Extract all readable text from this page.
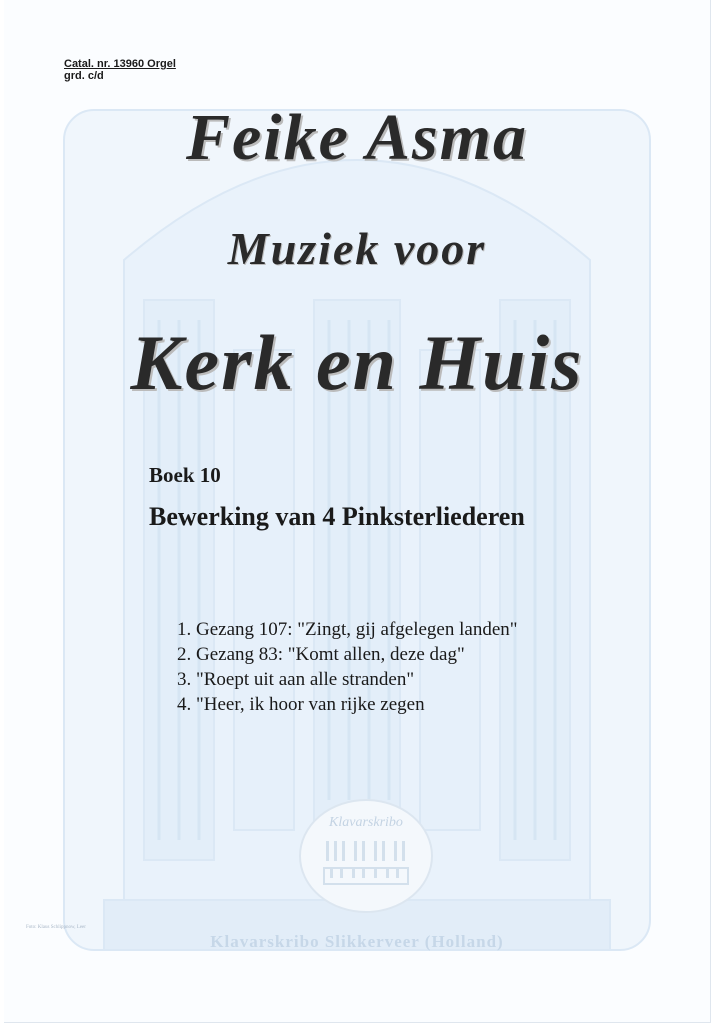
Catal. nr. 13960 Orgel
grd. c/d
Feike Asma
Muziek voor
Kerk en Huis
Boek 10
Bewerking van 4 Pinksterliederen
1. Gezang 107: "Zingt, gij afgelegen landen"
2. Gezang 83: "Komt allen, deze dag"
3. "Roept uit aan alle stranden"
4. "Heer, ik hoor van rijke zegen
Klavarskribo
Foto: Klaus Schlippnow, Leer
Klavarskribo Slikkerveer (Holland)
